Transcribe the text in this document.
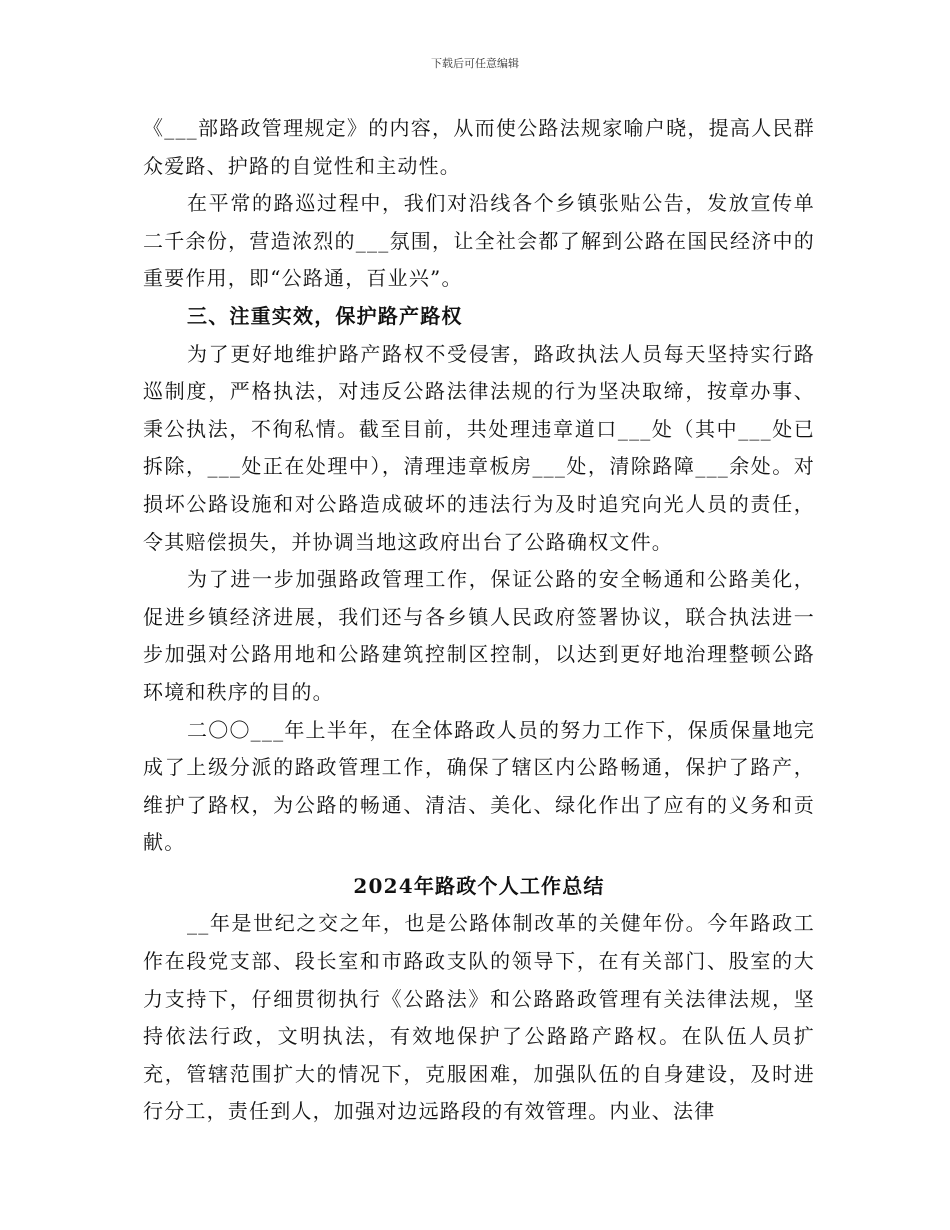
下载后可任意编辑

《___部路政管理规定》的内容，从而使公路法规家喻户晓，提高人民群众爱路、护路的自觉性和主动性。

在平常的路巡过程中，我们对沿线各个乡镇张贴公告，发放宣传单二千余份，营造浓烈的___氛围，让全社会都了解到公路在国民经济中的重要作用，即“公路通，百业兴”。

三、注重实效，保护路产路权

为了更好地维护路产路权不受侵害，路政执法人员每天坚持实行路巡制度，严格执法，对违反公路法律法规的行为坚决取缔，按章办事、秉公执法，不徇私情。截至目前，共处理违章道口___处（其中___处已拆除，___处正在处理中），清理违章板房___处，清除路障___余处。对损坏公路设施和对公路造成破坏的违法行为及时追究向光人员的责任，令其赔偿损失，并协调当地这政府出台了公路确权文件。

为了进一步加强路政管理工作，保证公路的安全畅通和公路美化，促进乡镇经济进展，我们还与各乡镇人民政府签署协议，联合执法进一步加强对公路用地和公路建筑控制区控制，以达到更好地治理整顿公路环境和秩序的目的。

二〇〇___年上半年，在全体路政人员的努力工作下，保质保量地完成了上级分派的路政管理工作，确保了辖区内公路畅通，保护了路产，维护了路权，为公路的畅通、清洁、美化、绿化作出了应有的义务和贡献。

2024年路政个人工作总结

__年是世纪之交之年，也是公路体制改革的关健年份。今年路政工作在段党支部、段长室和市路政支队的领导下，在有关部门、股室的大力支持下，仔细贯彻执行《公路法》和公路路政管理有关法律法规，坚持依法行政，文明执法，有效地保护了公路路产路权。在队伍人员扩充，管辖范围扩大的情况下，克服困难，加强队伍的自身建设，及时进行分工，责任到人，加强对边远路段的有效管理。内业、法律
